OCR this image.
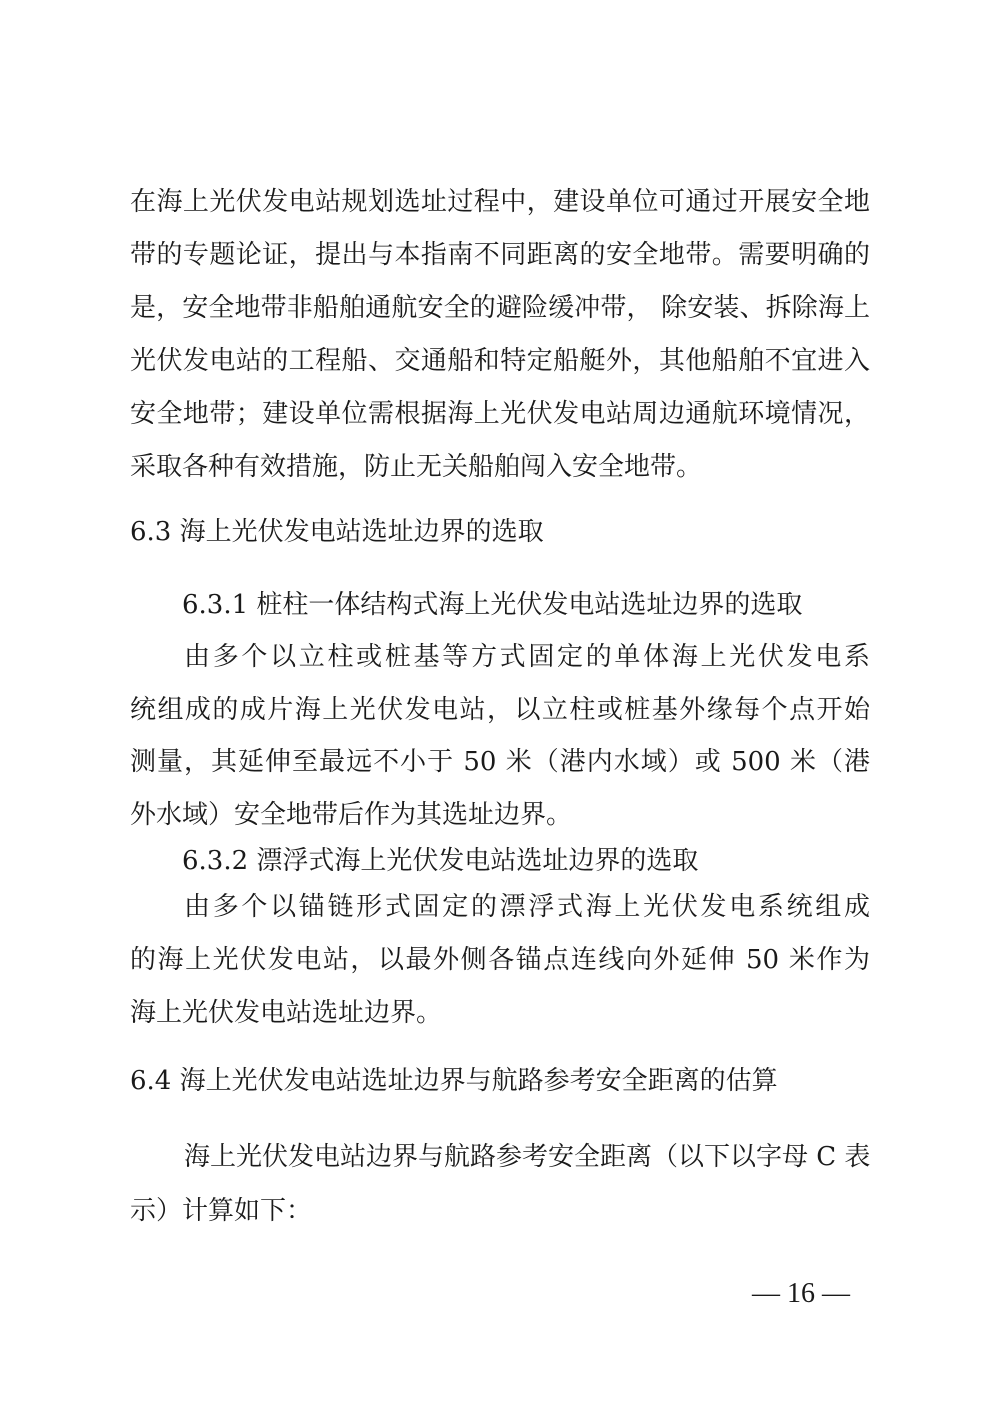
在海上光伏发电站规划选址过程中，建设单位可通过开展安全地
带的专题论证，提出与本指南不同距离的安全地带。需要明确的
是，安全地带非船舶通航安全的避险缓冲带， 除安装、拆除海上
光伏发电站的工程船、交通船和特定船艇外，其他船舶不宜进入
安全地带；建设单位需根据海上光伏发电站周边通航环境情况，
采取各种有效措施，防止无关船舶闯入安全地带。
6.3 海上光伏发电站选址边界的选取
6.3.1 桩柱一体结构式海上光伏发电站选址边界的选取
由多个以立柱或桩基等方式固定的单体海上光伏发电系
统组成的成片海上光伏发电站，以立柱或桩基外缘每个点开始
测量，其延伸至最远不小于 50 米（港内水域）或 500 米（港
外水域）安全地带后作为其选址边界。
6.3.2 漂浮式海上光伏发电站选址边界的选取
由多个以锚链形式固定的漂浮式海上光伏发电系统组成
的海上光伏发电站，以最外侧各锚点连线向外延伸 50 米作为
海上光伏发电站选址边界。
6.4 海上光伏发电站选址边界与航路参考安全距离的估算
海上光伏发电站边界与航路参考安全距离（以下以字母 C 表
示）计算如下：
— 16 —
